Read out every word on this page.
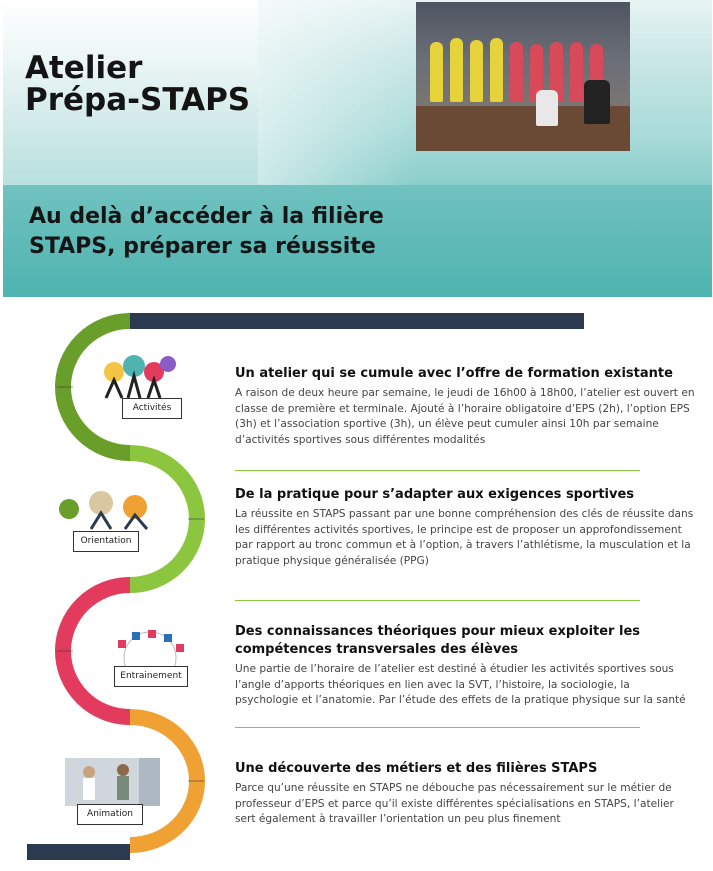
Atelier
Prépa-STAPS
Au delà d’accéder à la filière
STAPS, préparer sa réussite
Activités
Orientation
Entrainement
Animation
Un atelier qui se cumule avec l’offre de formation existante

A raison de deux heure par semaine, le jeudi de 16h00 à 18h00, l’atelier est ouvert en classe de première et terminale. Ajouté à l’horaire obligatoire d’EPS (2h), l’option EPS (3h) et l’association sportive (3h), un élève peut cumuler ainsi 10h par semaine d’activités sportives sous différentes modalités

De la pratique pour s’adapter aux exigences sportives

La réussite en STAPS passant par une bonne compréhension des clés de réussite dans les différentes activités sportives, le principe est de proposer un approfondissement par rapport au tronc commun et à l’option, à travers l’athlétisme, la musculation et la pratique physique généralisée (PPG)

Des connaissances théoriques pour mieux exploiter les compétences transversales des élèves

Une partie de l’horaire de l’atelier est destiné à étudier les activités sportives sous l’angle d’apports théoriques en lien avec la SVT, l’histoire, la sociologie, la psychologie et l’anatomie. Par l’étude des effets de la pratique physique sur la santé

Une découverte des métiers et des filières STAPS

Parce qu’une réussite en STAPS ne débouche pas nécessairement sur le métier de professeur d’EPS et parce qu’il existe différentes spécialisations en STAPS, l’atelier sert également à travailler l’orientation un peu plus finement
